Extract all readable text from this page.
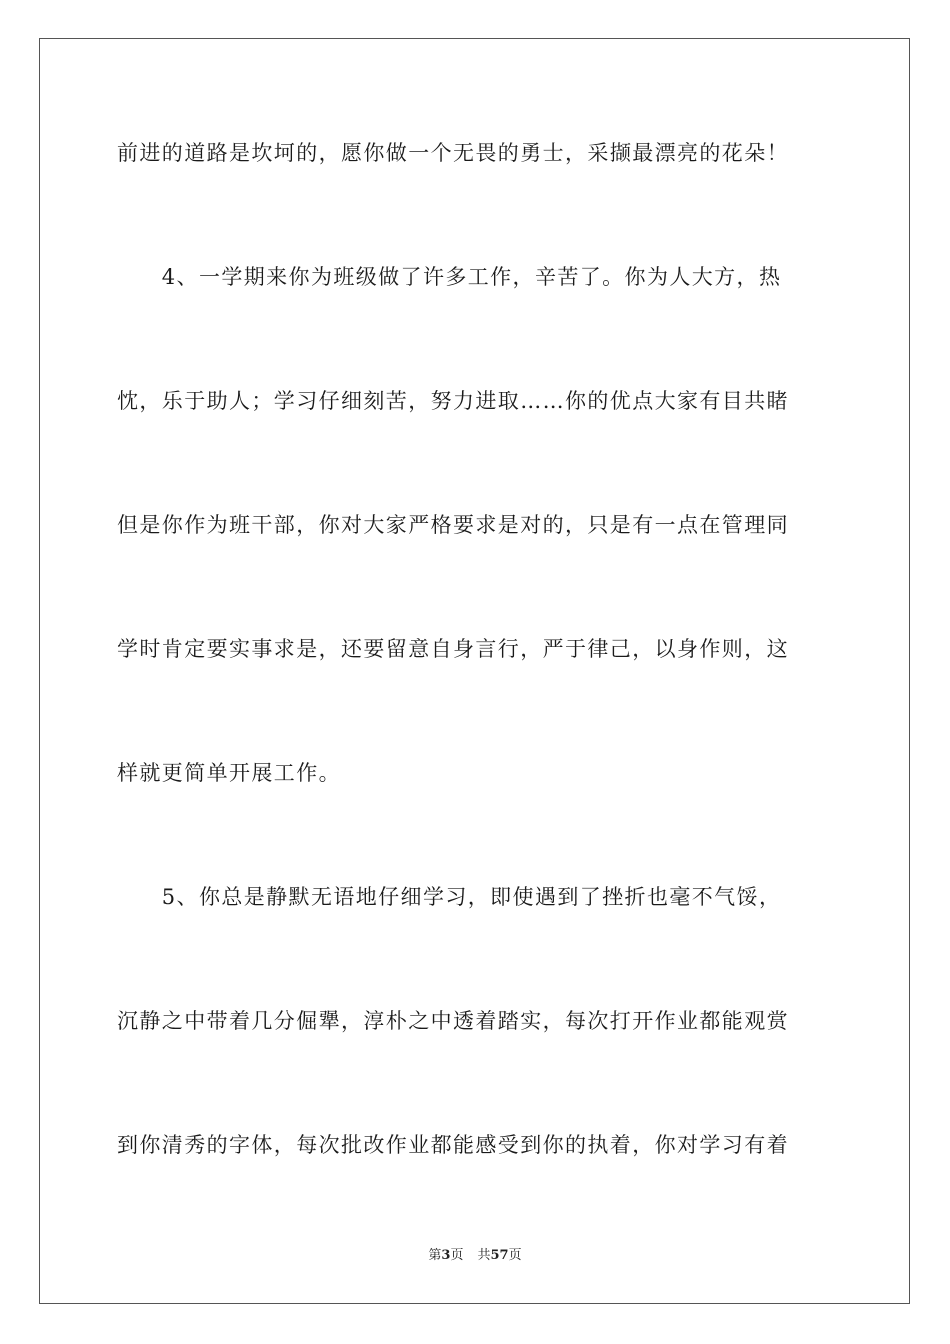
前进的道路是坎坷的，愿你做一个无畏的勇士，采撷最漂亮的花朵！
　　4、一学期来你为班级做了许多工作，辛苦了。你为人大方，热
忱，乐于助人；学习仔细刻苦，努力进取……你的优点大家有目共睹
但是你作为班干部，你对大家严格要求是对的，只是有一点在管理同
学时肯定要实事求是，还要留意自身言行，严于律己，以身作则，这
样就更简单开展工作。
　　5、你总是静默无语地仔细学习，即使遇到了挫折也毫不气馁，
沉静之中带着几分倔犟，淳朴之中透着踏实，每次打开作业都能观赏
到你清秀的字体，每次批改作业都能感受到你的执着，你对学习有着
第3页 共57页
